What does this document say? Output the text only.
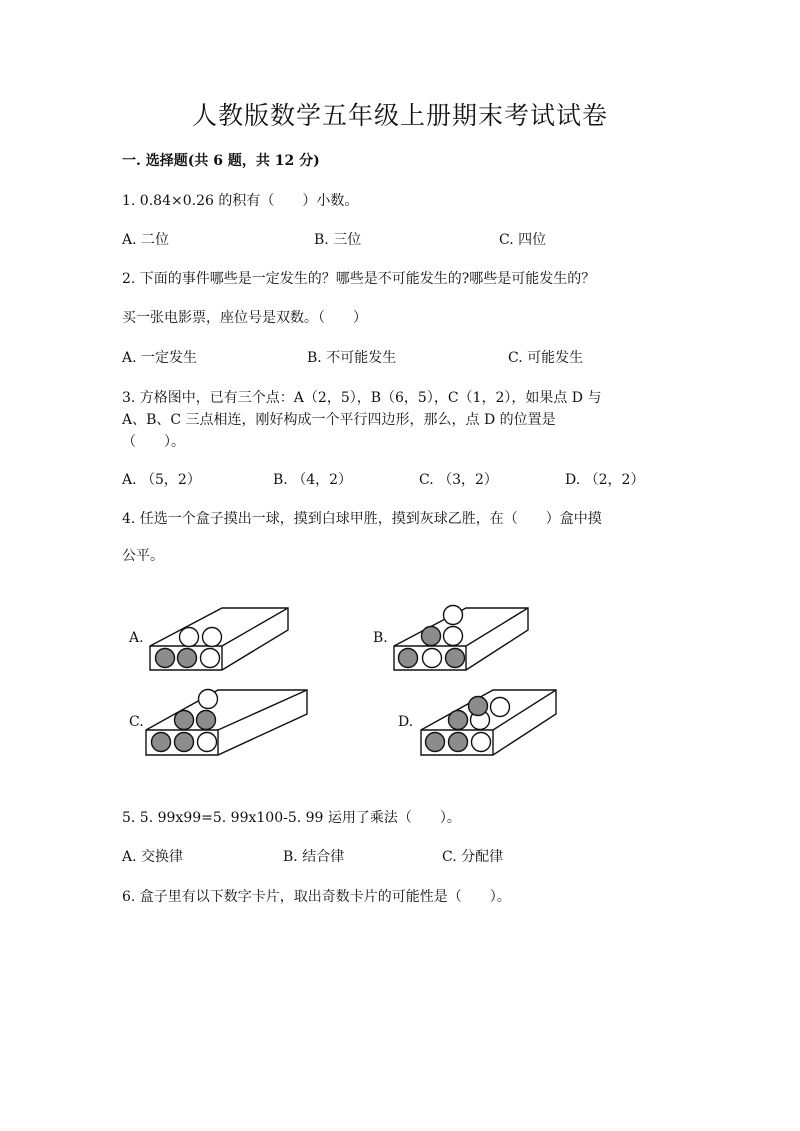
人教版数学五年级上册期末考试试卷
一. 选择题(共 6 题，共 12 分)
1. 0.84×0.26 的积有（　　）小数。
A. 二位	B. 三位	C. 四位
2. 下面的事件哪些是一定发生的？哪些是不可能发生的?哪些是可能发生的？
买一张电影票，座位号是双数。（　　）
A. 一定发生	B. 不可能发生	C. 可能发生
3. 方格图中，已有三个点：A（2，5），B（6，5），C（1，2），如果点 D 与
A、B、C 三点相连，刚好构成一个平行四边形，那么，点 D 的位置是
（　　）。
A. （5，2）	B. （4，2）	C. （3，2）	D. （2，2）
4. 任选一个盒子摸出一球，摸到白球甲胜，摸到灰球乙胜，在（　　）盒中摸
公平。
A.	B.
C.	D.
5. 5. 99x99=5. 99x100-5. 99 运用了乘法（　　）。
A. 交换律	B. 结合律	C. 分配律
6. 盒子里有以下数字卡片，取出奇数卡片的可能性是（　　）。
